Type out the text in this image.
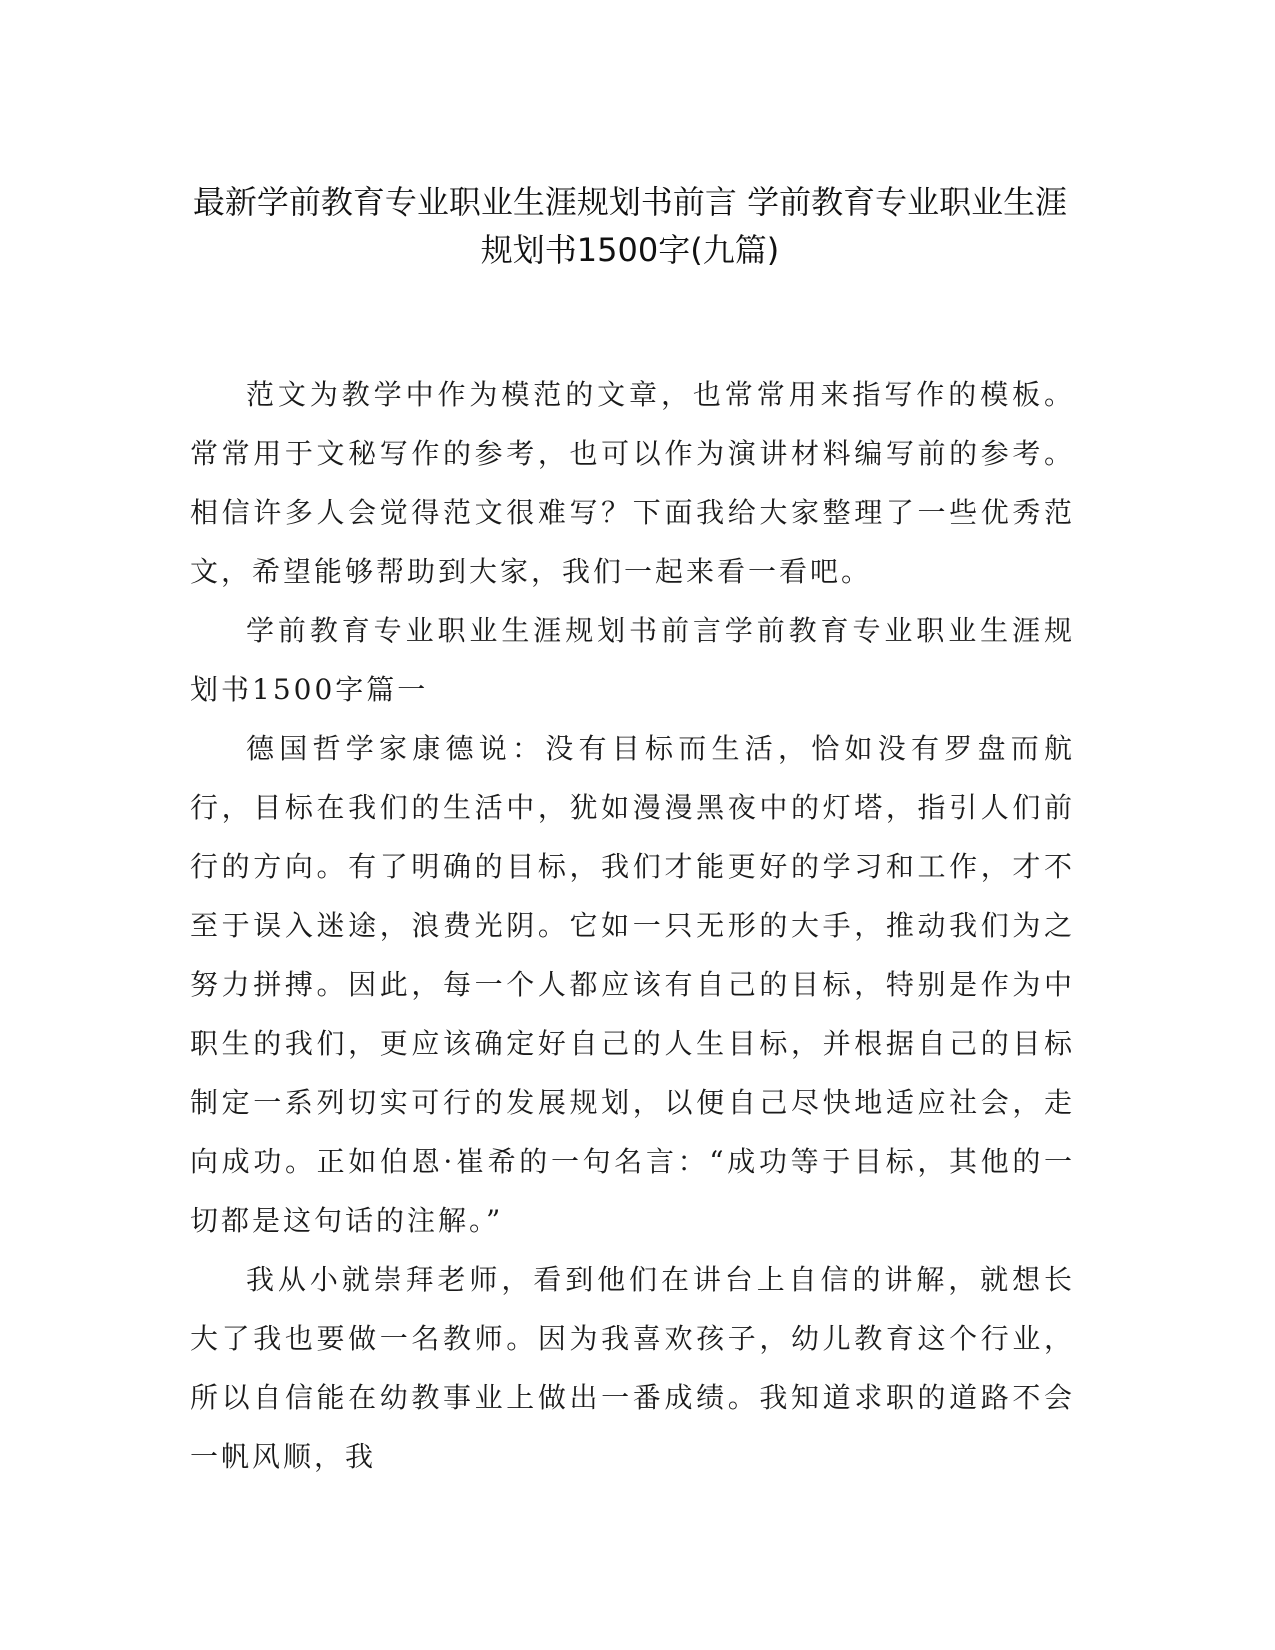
最新学前教育专业职业生涯规划书前言 学前教育专业职业生涯规划书1500字(九篇)

范文为教学中作为模范的文章，也常常用来指写作的模板。常常用于文秘写作的参考，也可以作为演讲材料编写前的参考。相信许多人会觉得范文很难写？下面我给大家整理了一些优秀范文，希望能够帮助到大家，我们一起来看一看吧。

学前教育专业职业生涯规划书前言学前教育专业职业生涯规划书1500字篇一

德国哲学家康德说：没有目标而生活，恰如没有罗盘而航行，目标在我们的生活中，犹如漫漫黑夜中的灯塔，指引人们前行的方向。有了明确的目标，我们才能更好的学习和工作，才不至于误入迷途，浪费光阴。它如一只无形的大手，推动我们为之努力拼搏。因此，每一个人都应该有自己的目标，特别是作为中职生的我们，更应该确定好自己的人生目标，并根据自己的目标制定一系列切实可行的发展规划，以便自己尽快地适应社会，走向成功。正如伯恩·崔希的一句名言：“成功等于目标，其他的一切都是这句话的注解。”

我从小就崇拜老师，看到他们在讲台上自信的讲解，就想长大了我也要做一名教师。因为我喜欢孩子，幼儿教育这个行业，所以自信能在幼教事业上做出一番成绩。我知道求职的道路不会一帆风顺，我
